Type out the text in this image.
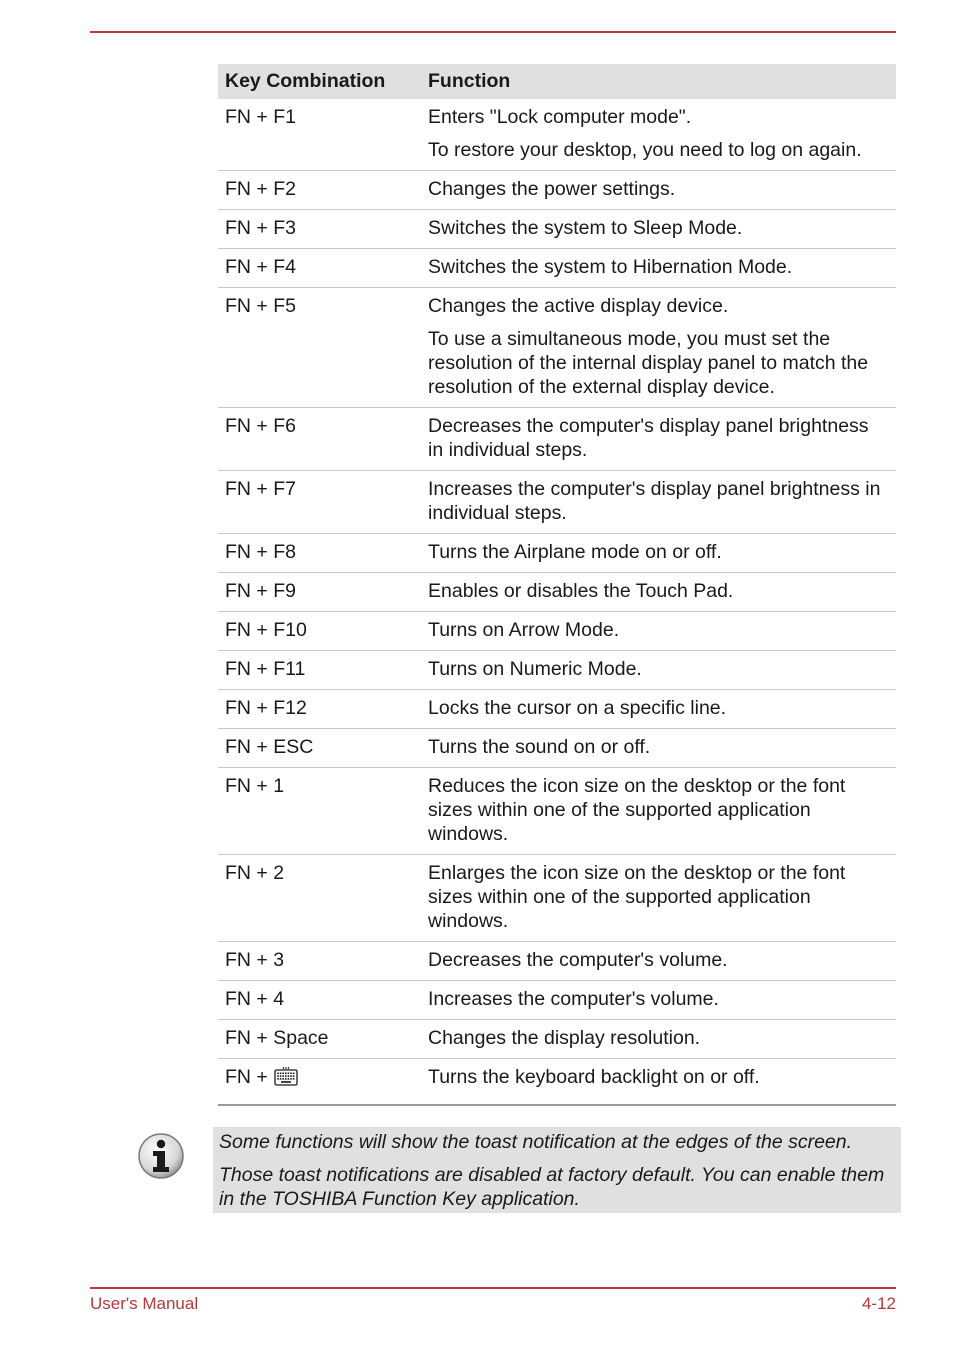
Key Combination	Function
FN + F1	Enters "Lock computer mode".
To restore your desktop, you need to log on again.

FN + F2	Changes the power settings.

FN + F3	Switches the system to Sleep Mode.

FN + F4	Switches the system to Hibernation Mode.

FN + F5	Changes the active display device.
To use a simultaneous mode, you must set the resolution of the internal display panel to match the resolution of the external display device.

FN + F6	Decreases the computer's display panel brightness in individual steps.

FN + F7	Increases the computer's display panel brightness in individual steps.

FN + F8	Turns the Airplane mode on or off.

FN + F9	Enables or disables the Touch Pad.

FN + F10	Turns on Arrow Mode.

FN + F11	Turns on Numeric Mode.

FN + F12	Locks the cursor on a specific line.

FN + ESC	Turns the sound on or off.

FN + 1	Reduces the icon size on the desktop or the font sizes within one of the supported application windows.

FN + 2	Enlarges the icon size on the desktop or the font sizes within one of the supported application windows.

FN + 3	Decreases the computer's volume.

FN + 4	Increases the computer's volume.

FN + Space	Changes the display resolution.

FN +	Turns the keyboard backlight on or off.
Some functions will show the toast notification at the edges of the screen.
Those toast notifications are disabled at factory default. You can enable them in the TOSHIBA Function Key application.
User's Manual	4-12
